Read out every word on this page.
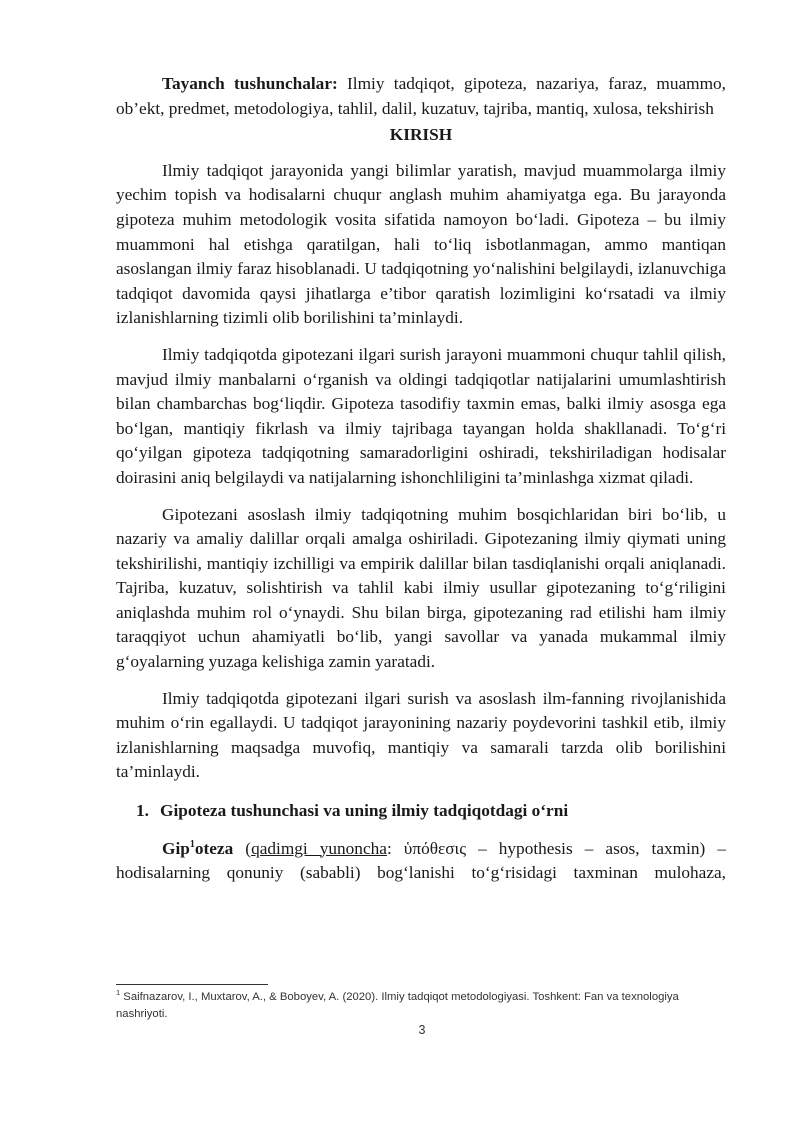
Tayanch tushunchalar: Ilmiy tadqiqot, gipoteza, nazariya, faraz, muammo, ob’ekt, predmet, metodologiya, tahlil, dalil, kuzatuv, tajriba, mantiq, xulosa, tekshirish

KIRISH

Ilmiy tadqiqot jarayonida yangi bilimlar yaratish, mavjud muammolarga ilmiy yechim topish va hodisalarni chuqur anglash muhim ahamiyatga ega. Bu jarayonda gipoteza muhim metodologik vosita sifatida namoyon bo‘ladi. Gipoteza – bu ilmiy muammoni hal etishga qaratilgan, hali to‘liq isbotlanmagan, ammo mantiqan asoslangan ilmiy faraz hisoblanadi. U tadqiqotning yo‘nalishini belgilaydi, izlanuvchiga tadqiqot davomida qaysi jihatlarga e’tibor qaratish lozimligini ko‘rsatadi va ilmiy izlanishlarning tizimli olib borilishini ta’minlaydi.

Ilmiy tadqiqotda gipotezani ilgari surish jarayoni muammoni chuqur tahlil qilish, mavjud ilmiy manbalarni o‘rganish va oldingi tadqiqotlar natijalarini umumlashtirish bilan chambarchas bog‘liqdir. Gipoteza tasodifiy taxmin emas, balki ilmiy asosga ega bo‘lgan, mantiqiy fikrlash va ilmiy tajribaga tayangan holda shakllanadi. To‘g‘ri qo‘yilgan gipoteza tadqiqotning samaradorligini oshiradi, tekshiriladigan hodisalar doirasini aniq belgilaydi va natijalarning ishonchliligini ta’minlashga xizmat qiladi.

Gipotezani asoslash ilmiy tadqiqotning muhim bosqichlaridan biri bo‘lib, u nazariy va amaliy dalillar orqali amalga oshiriladi. Gipotezaning ilmiy qiymati uning tekshirilishi, mantiqiy izchilligi va empirik dalillar bilan tasdiqlanishi orqali aniqlanadi. Tajriba, kuzatuv, solishtirish va tahlil kabi ilmiy usullar gipotezaning to‘g‘riligini aniqlashda muhim rol o‘ynaydi. Shu bilan birga, gipotezaning rad etilishi ham ilmiy taraqqiyot uchun ahamiyatli bo‘lib, yangi savollar va yanada mukammal ilmiy g‘oyalarning yuzaga kelishiga zamin yaratadi.

Ilmiy tadqiqotda gipotezani ilgari surish va asoslash ilm-fanning rivojlanishida muhim o‘rin egallaydi. U tadqiqot jarayonining nazariy poydevorini tashkil etib, ilmiy izlanishlarning maqsadga muvofiq, mantiqiy va samarali tarzda olib borilishini ta’minlaydi.

1. Gipoteza tushunchasi va uning ilmiy tadqiqotdagi o‘rni

Gip$^1$oteza (qadimgi yunoncha: ὑπόθεσις – hypothesis – asos, taxmin) – hodisalarning qonuniy (sababli) bog‘lanishi to‘g‘risidagi taxminan mulohaza,

$^1$ Saifnazarov, I., Muxtarov, A., & Boboyev, A. (2020). Ilmiy tadqiqot metodologiyasi. Toshkent: Fan va texnologiya nashriyoti.
3
